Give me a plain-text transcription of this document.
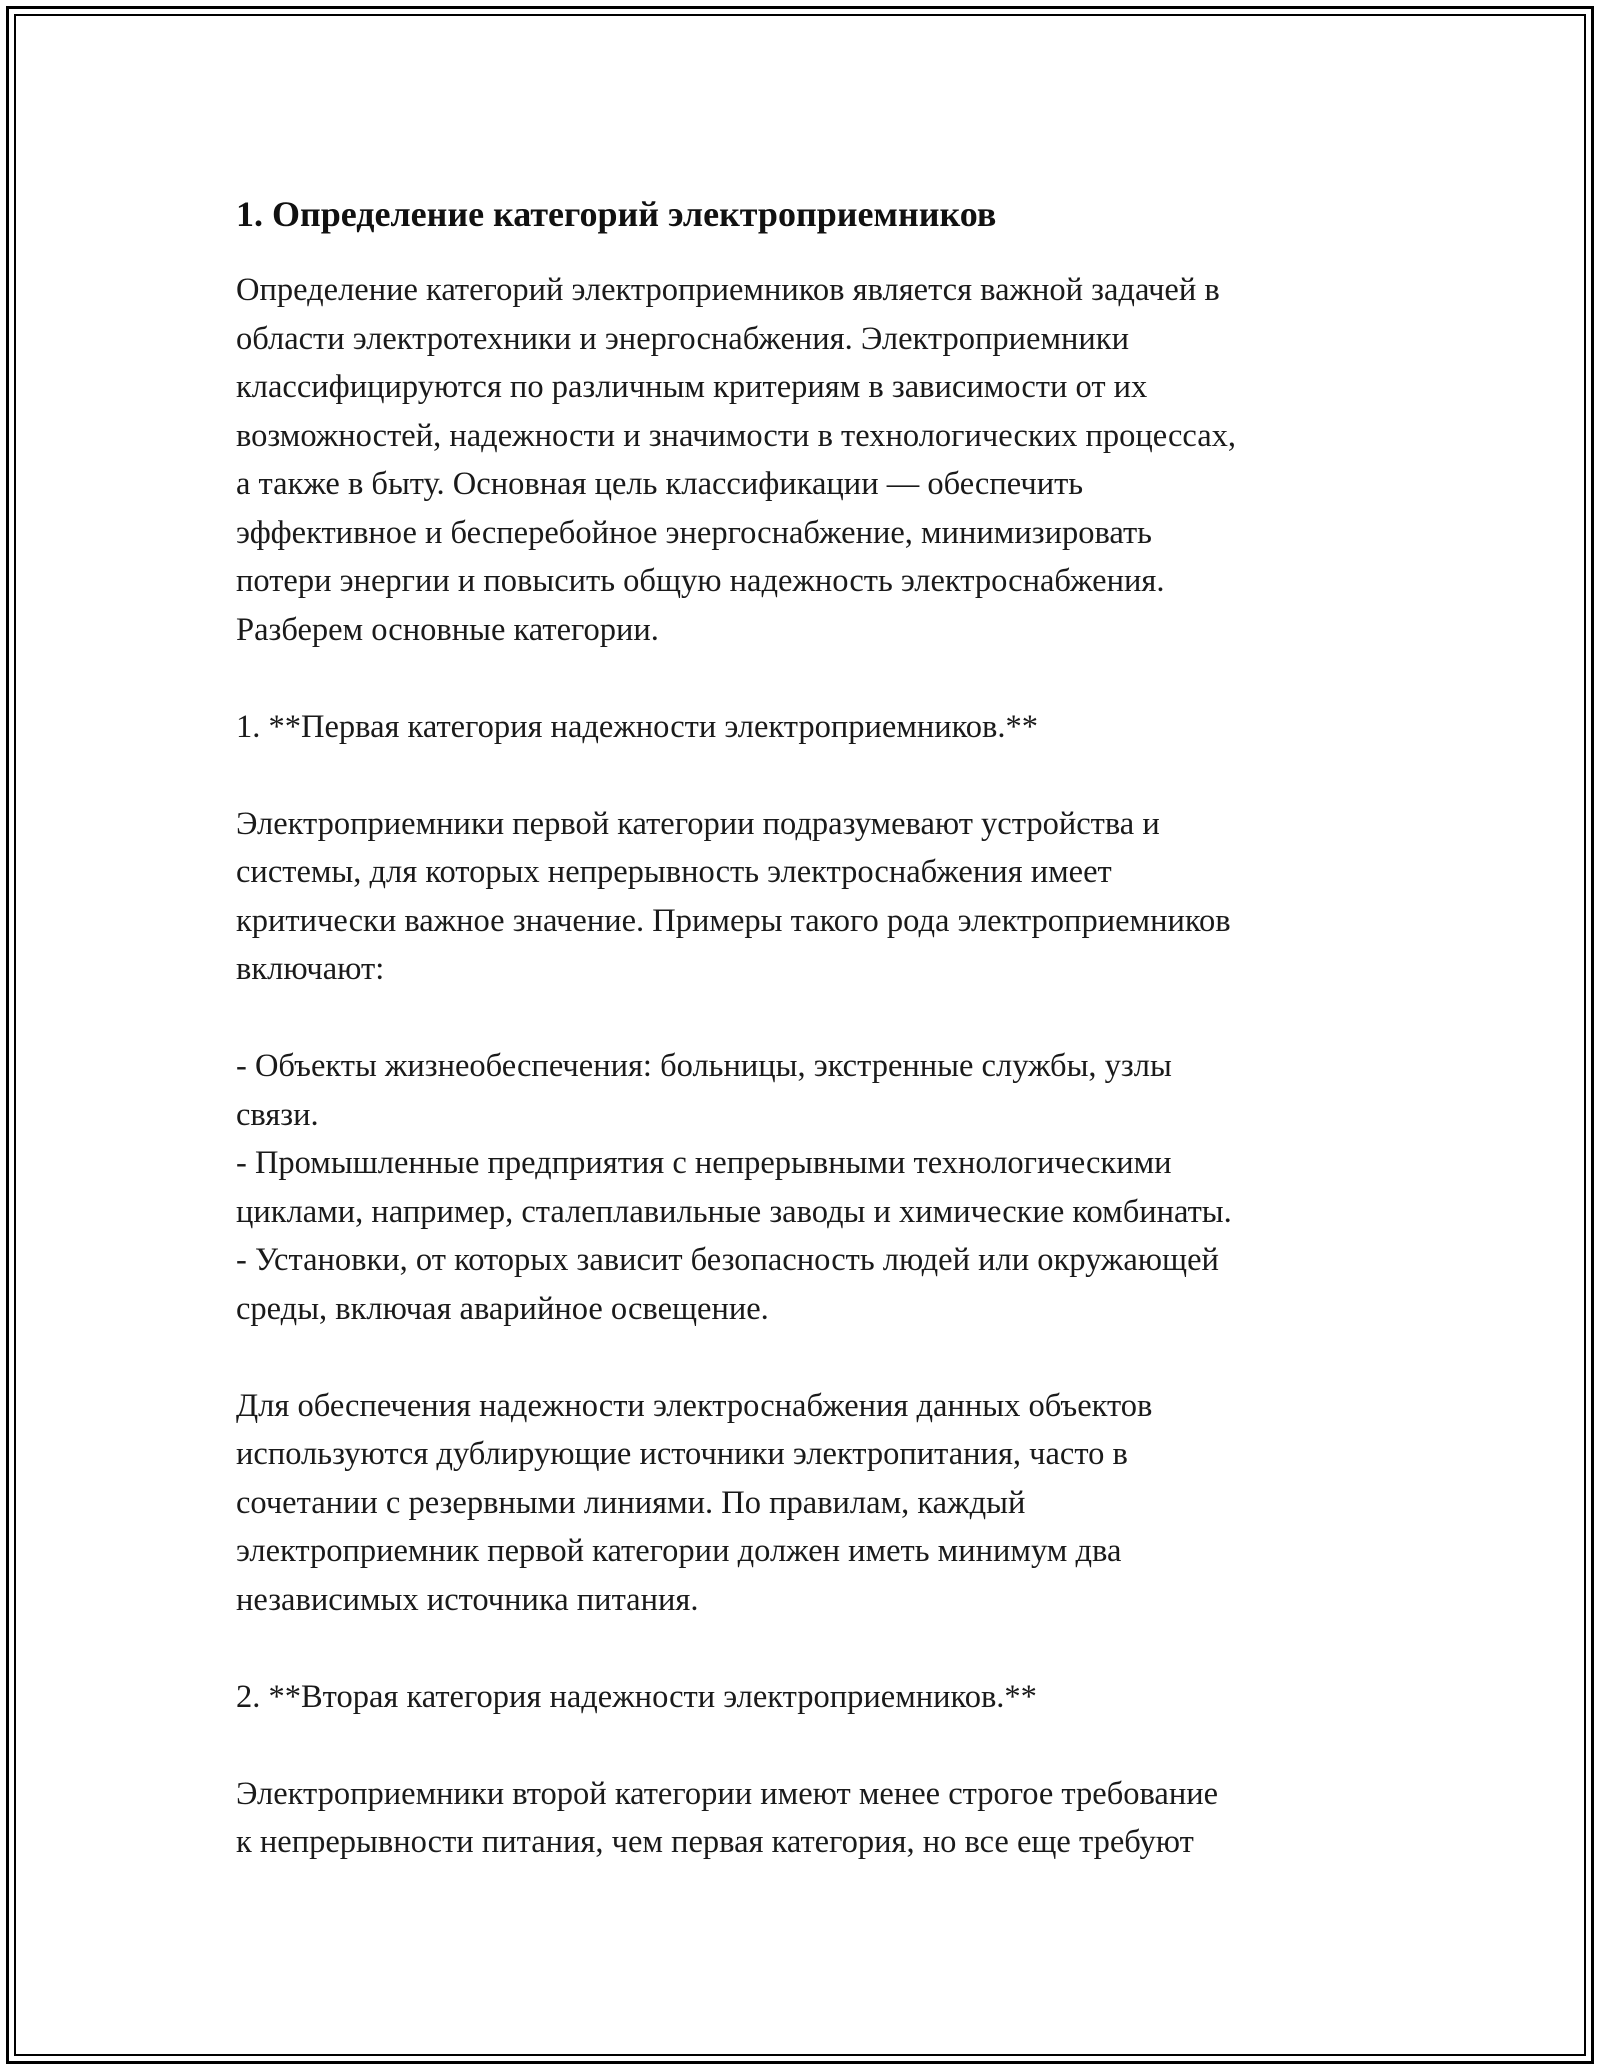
1. Определение категорий электроприемников

Определение категорий электроприемников является важной задачей в
области электротехники и энергоснабжения. Электроприемники
классифицируются по различным критериям в зависимости от их
возможностей, надежности и значимости в технологических процессах,
а также в быту. Основная цель классификации — обеспечить
эффективное и бесперебойное энергоснабжение, минимизировать
потери энергии и повысить общую надежность электроснабжения.
Разберем основные категории.

1. **Первая категория надежности электроприемников.**

Электроприемники первой категории подразумевают устройства и
системы, для которых непрерывность электроснабжения имеет
критически важное значение. Примеры такого рода электроприемников
включают:

- Объекты жизнеобеспечения: больницы, экстренные службы, узлы
связи.
- Промышленные предприятия с непрерывными технологическими
циклами, например, сталеплавильные заводы и химические комбинаты.
- Установки, от которых зависит безопасность людей или окружающей
среды, включая аварийное освещение.

Для обеспечения надежности электроснабжения данных объектов
используются дублирующие источники электропитания, часто в
сочетании с резервными линиями. По правилам, каждый
электроприемник первой категории должен иметь минимум два
независимых источника питания.

2. **Вторая категория надежности электроприемников.**

Электроприемники второй категории имеют менее строгое требование
к непрерывности питания, чем первая категория, но все еще требуют
